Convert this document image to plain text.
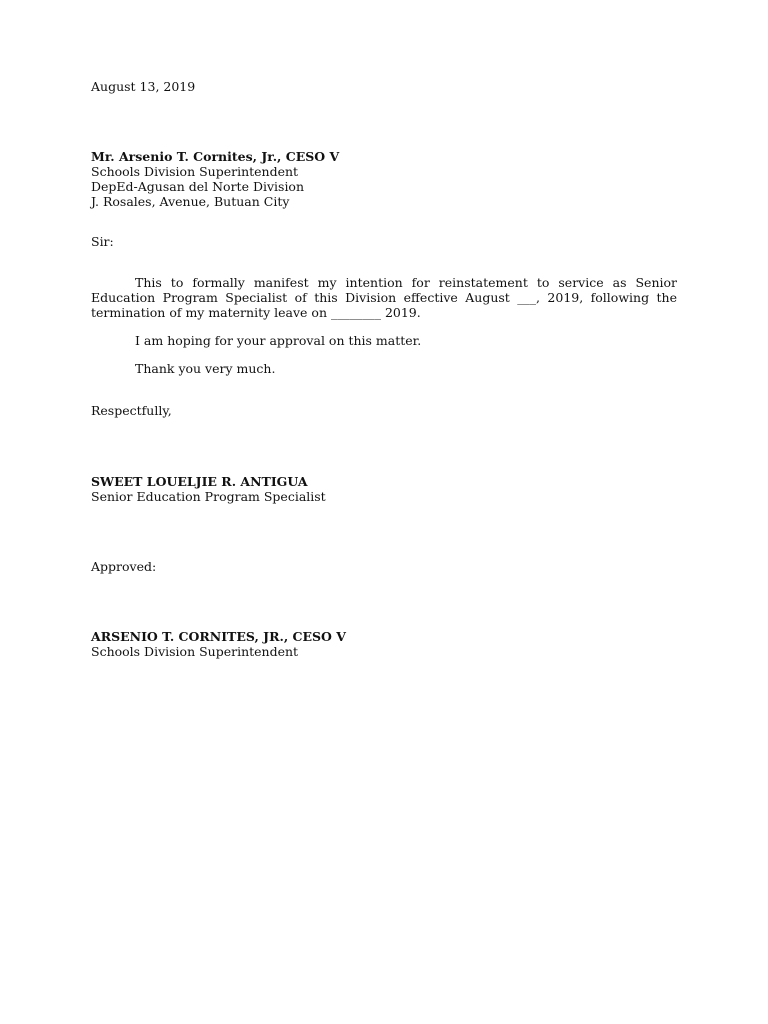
August 13, 2019
Mr. Arsenio T. Cornites, Jr., CESO V
Schools Division Superintendent
DepEd-Agusan del Norte Division
J. Rosales, Avenue, Butuan City
Sir:
This to formally manifest my intention for reinstatement to service as Senior Education Program Specialist of this Division effective August ___, 2019, following the termination of my maternity leave on ________ 2019.
I am hoping for your approval on this matter.
Thank you very much.
Respectfully,
SWEET LOUELJIE R. ANTIGUA
Senior Education Program Specialist
Approved:
ARSENIO T. CORNITES, JR., CESO V
Schools Division Superintendent
